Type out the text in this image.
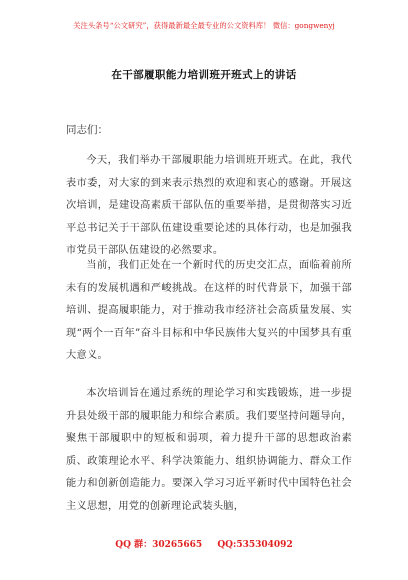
关注头条号“公文研究”，获得最新最全最专业的公文资料库！ 微信：gongwenyj
在干部履职能力培训班开班式上的讲话
同志们：

今天，我们举办干部履职能力培训班开班式。在此，我代表市委，对大家的到来表示热烈的欢迎和衷心的感谢。开展这次培训，是建设高素质干部队伍的重要举措，是贯彻落实习近平总书记关于干部队伍建设重要论述的具体行动，也是加强我市党员干部队伍建设的必然要求。

当前，我们正处在一个新时代的历史交汇点，面临着前所未有的发展机遇和严峻挑战。在这样的时代背景下，加强干部培训、提高履职能力，对于推动我市经济社会高质量发展、实现“两个一百年”奋斗目标和中华民族伟大复兴的中国梦具有重大意义。

本次培训旨在通过系统的理论学习和实践锻炼，进一步提升县处级干部的履职能力和综合素质。我们要坚持问题导向，聚焦干部履职中的短板和弱项，着力提升干部的思想政治素质、政策理论水平、科学决策能力、组织协调能力、群众工作能力和创新创造能力。要深入学习习近平新时代中国特色社会主义思想，用党的创新理论武装头脑，

QQ 群：30265665 QQ:535304092
